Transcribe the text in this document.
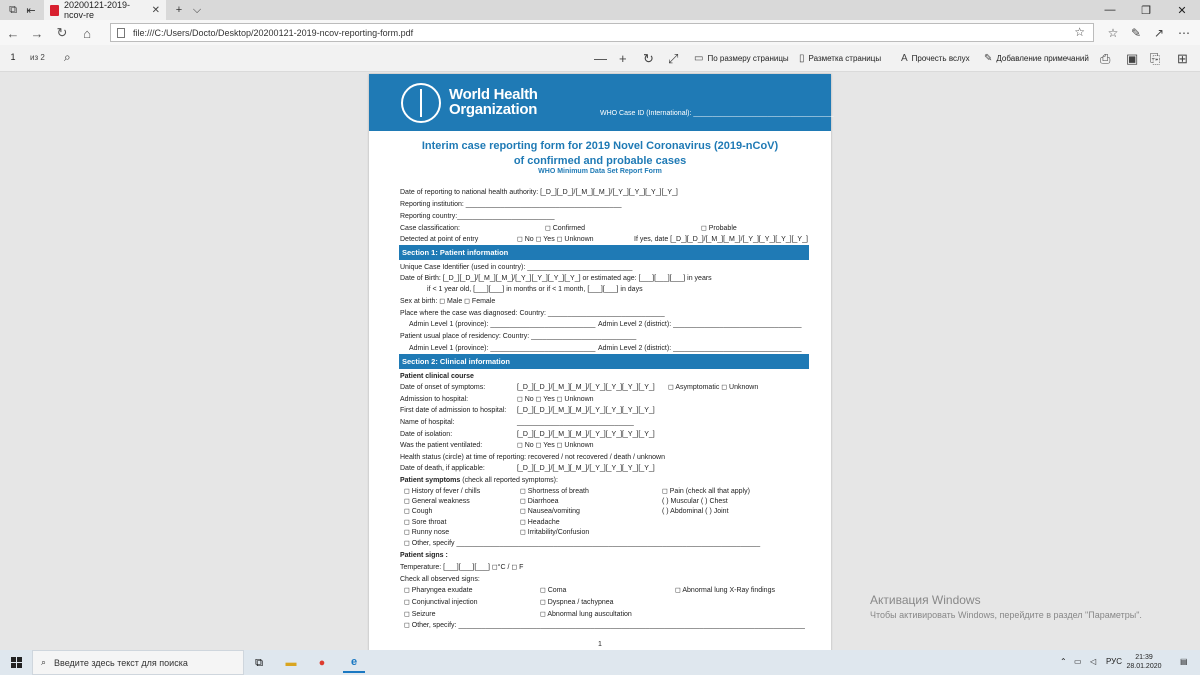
⧉ ⇤	20200121-2019-ncov-re	✕	+ ⌵	—	❐	✕
← → ↻	⌂	file:///C:/Users/Docto/Desktop/20200121-2019-ncov-reporting-form.pdf	☆	☆	✎	↗	⋯
1	из 2 ⌕	— + ↻ ⤢ ▭ По размеру страницы ▯ Разметка страницы A Прочесть вслух ✎ Добавление примечаний ⎙ ▣ ⎘ ⊞
World Health
Organization	WHO Case ID (International): ____________________________________
Interim case reporting form for 2019 Novel Coronavirus (2019-nCoV)
of confirmed and probable cases
WHO Minimum Data Set Report Form
Date of reporting to national health authority: [_D_][_D_]/[_M_][_M_]/[_Y_][_Y_][_Y_][_Y_]
Reporting institution: ________________________________________
Reporting country:_________________________
Case classification:	◻ Confirmed	◻ Probable
Detected at point of entry	◻ No ◻ Yes ◻ Unknown	If yes, date [_D_][_D_]/[_M_][_M_]/[_Y_][_Y_][_Y_][_Y_]
Section 1: Patient information
Unique Case Identifier (used in country): ___________________________
Date of Birth: [_D_][_D_]/[_M_][_M_]/[_Y_][_Y_][_Y_][_Y_] or estimated age: [___][___][___] in years
if < 1 year old, [___][___] in months or if < 1 month, [___][___] in days
Sex at birth: ◻ Male ◻ Female
Place where the case was diagnosed: Country: ______________________________
Admin Level 1 (province): ___________________________ Admin Level 2 (district): _________________________________
Patient usual place of residency: Country: ___________________________
Admin Level 1 (province): ___________________________ Admin Level 2 (district): _________________________________
Section 2: Clinical information
Patient clinical course
Date of onset of symptoms:	[_D_][_D_]/[_M_][_M_]/[_Y_][_Y_][_Y_][_Y_] ◻ Asymptomatic ◻ Unknown
Admission to hospital:	◻ No ◻ Yes ◻ Unknown
First date of admission to hospital: [_D_][_D_]/[_M_][_M_]/[_Y_][_Y_][_Y_][_Y_]
Name of hospital:	______________________________
Date of isolation:	[_D_][_D_]/[_M_][_M_]/[_Y_][_Y_][_Y_][_Y_]
Was the patient ventilated:	◻ No ◻ Yes ◻ Unknown
Health status (circle) at time of reporting: recovered / not recovered / death / unknown
Date of death, if applicable:	[_D_][_D_]/[_M_][_M_]/[_Y_][_Y_][_Y_][_Y_]
Patient symptoms (check all reported symptoms):
◻ History of fever / chills	◻ Shortness of breath	◻ Pain (check all that apply)
◻ General weakness	◻ Diarrhoea	( ) Muscular ( ) Chest
◻ Cough	◻ Nausea/vomiting	( ) Abdominal ( ) Joint
◻ Sore throat	◻ Headache
◻ Runny nose	◻ Irritability/Confusion
◻ Other, specify ______________________________________________________________________________
Patient signs :
Temperature: [___][___][___] ◻°C / ◻ F
Check all observed signs:
◻ Pharyngea exudate	◻ Coma	◻ Abnormal lung X-Ray findings
◻ Conjunctival injection	◻ Dyspnea / tachypnea
◻ Seizure	◻ Abnormal lung auscultation
◻ Other, specify: _________________________________________________________________________________________
1
Активация Windows
Чтобы активировать Windows, перейдите в раздел "Параметры".
⌕ Введите здесь текст для поиска	⧉	▬	●	e	⌃ ▭ ◁ РУС	21:39
28.01.2020
▤
